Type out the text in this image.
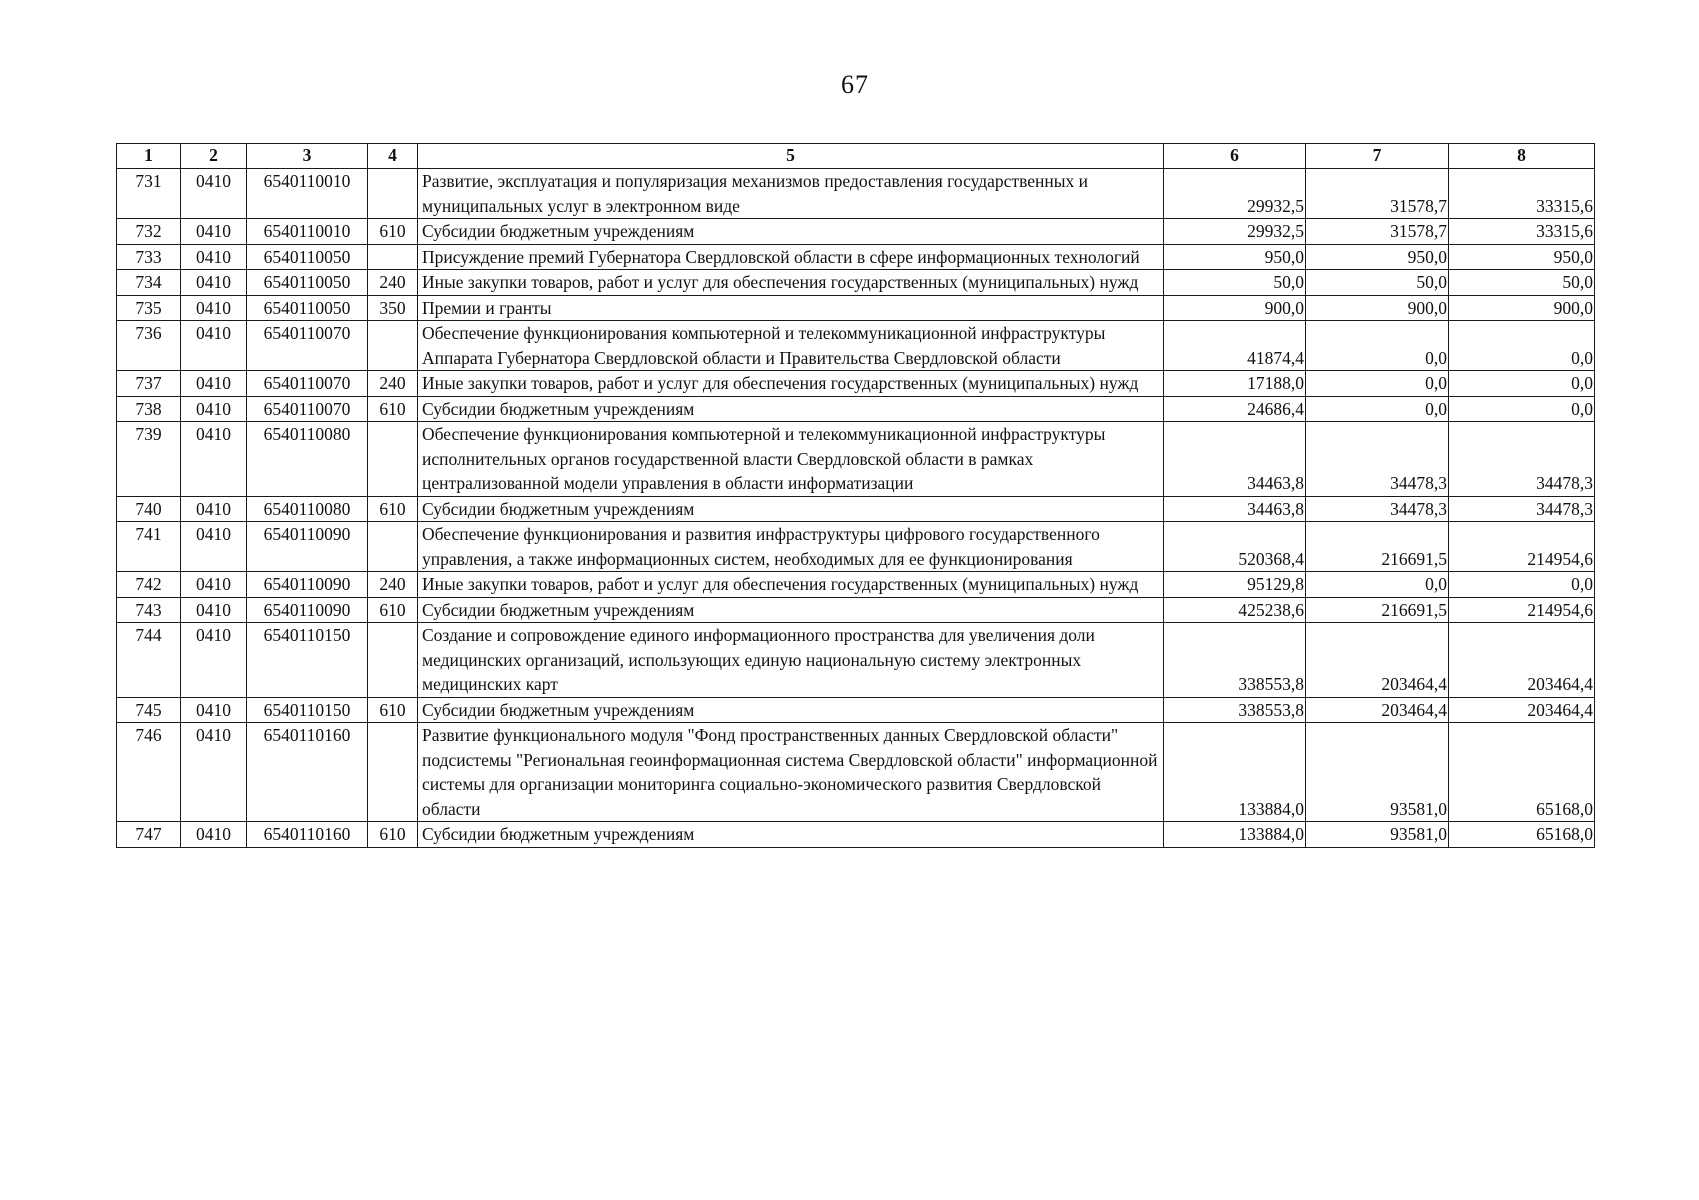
67
1	2	3	4	5	6	7	8
731	0410	6540110010		Развитие, эксплуатация и популяризация механизмов предоставления государственных и муниципальных услуг в электронном виде	29932,5	31578,7	33315,6
732	0410	6540110010	610	Субсидии бюджетным учреждениям	29932,5	31578,7	33315,6
733	0410	6540110050		Присуждение премий Губернатора Свердловской области в сфере информационных технологий	950,0	950,0	950,0
734	0410	6540110050	240	Иные закупки товаров, работ и услуг для обеспечения государственных (муниципальных) нужд	50,0	50,0	50,0
735	0410	6540110050	350	Премии и гранты	900,0	900,0	900,0
736	0410	6540110070		Обеспечение функционирования компьютерной и телекоммуникационной инфраструктуры Аппарата Губернатора Свердловской области и Правительства Свердловской области	41874,4	0,0	0,0
737	0410	6540110070	240	Иные закупки товаров, работ и услуг для обеспечения государственных (муниципальных) нужд	17188,0	0,0	0,0
738	0410	6540110070	610	Субсидии бюджетным учреждениям	24686,4	0,0	0,0
739	0410	6540110080		Обеспечение функционирования компьютерной и телекоммуникационной инфраструктуры исполнительных органов государственной власти Свердловской области в рамках централизованной модели управления в области информатизации	34463,8	34478,3	34478,3
740	0410	6540110080	610	Субсидии бюджетным учреждениям	34463,8	34478,3	34478,3
741	0410	6540110090		Обеспечение функционирования и развития инфраструктуры цифрового государственного управления, а также информационных систем, необходимых для ее функционирования	520368,4	216691,5	214954,6
742	0410	6540110090	240	Иные закупки товаров, работ и услуг для обеспечения государственных (муниципальных) нужд	95129,8	0,0	0,0
743	0410	6540110090	610	Субсидии бюджетным учреждениям	425238,6	216691,5	214954,6
744	0410	6540110150		Создание и сопровождение единого информационного пространства для увеличения доли медицинских организаций, использующих единую национальную систему электронных медицинских карт	338553,8	203464,4	203464,4
745	0410	6540110150	610	Субсидии бюджетным учреждениям	338553,8	203464,4	203464,4
746	0410	6540110160		Развитие функционального модуля "Фонд пространственных данных Свердловской области" подсистемы "Региональная геоинформационная система Свердловской области" информационной системы для организации мониторинга социально-экономического развития Свердловской области	133884,0	93581,0	65168,0
747	0410	6540110160	610	Субсидии бюджетным учреждениям	133884,0	93581,0	65168,0
